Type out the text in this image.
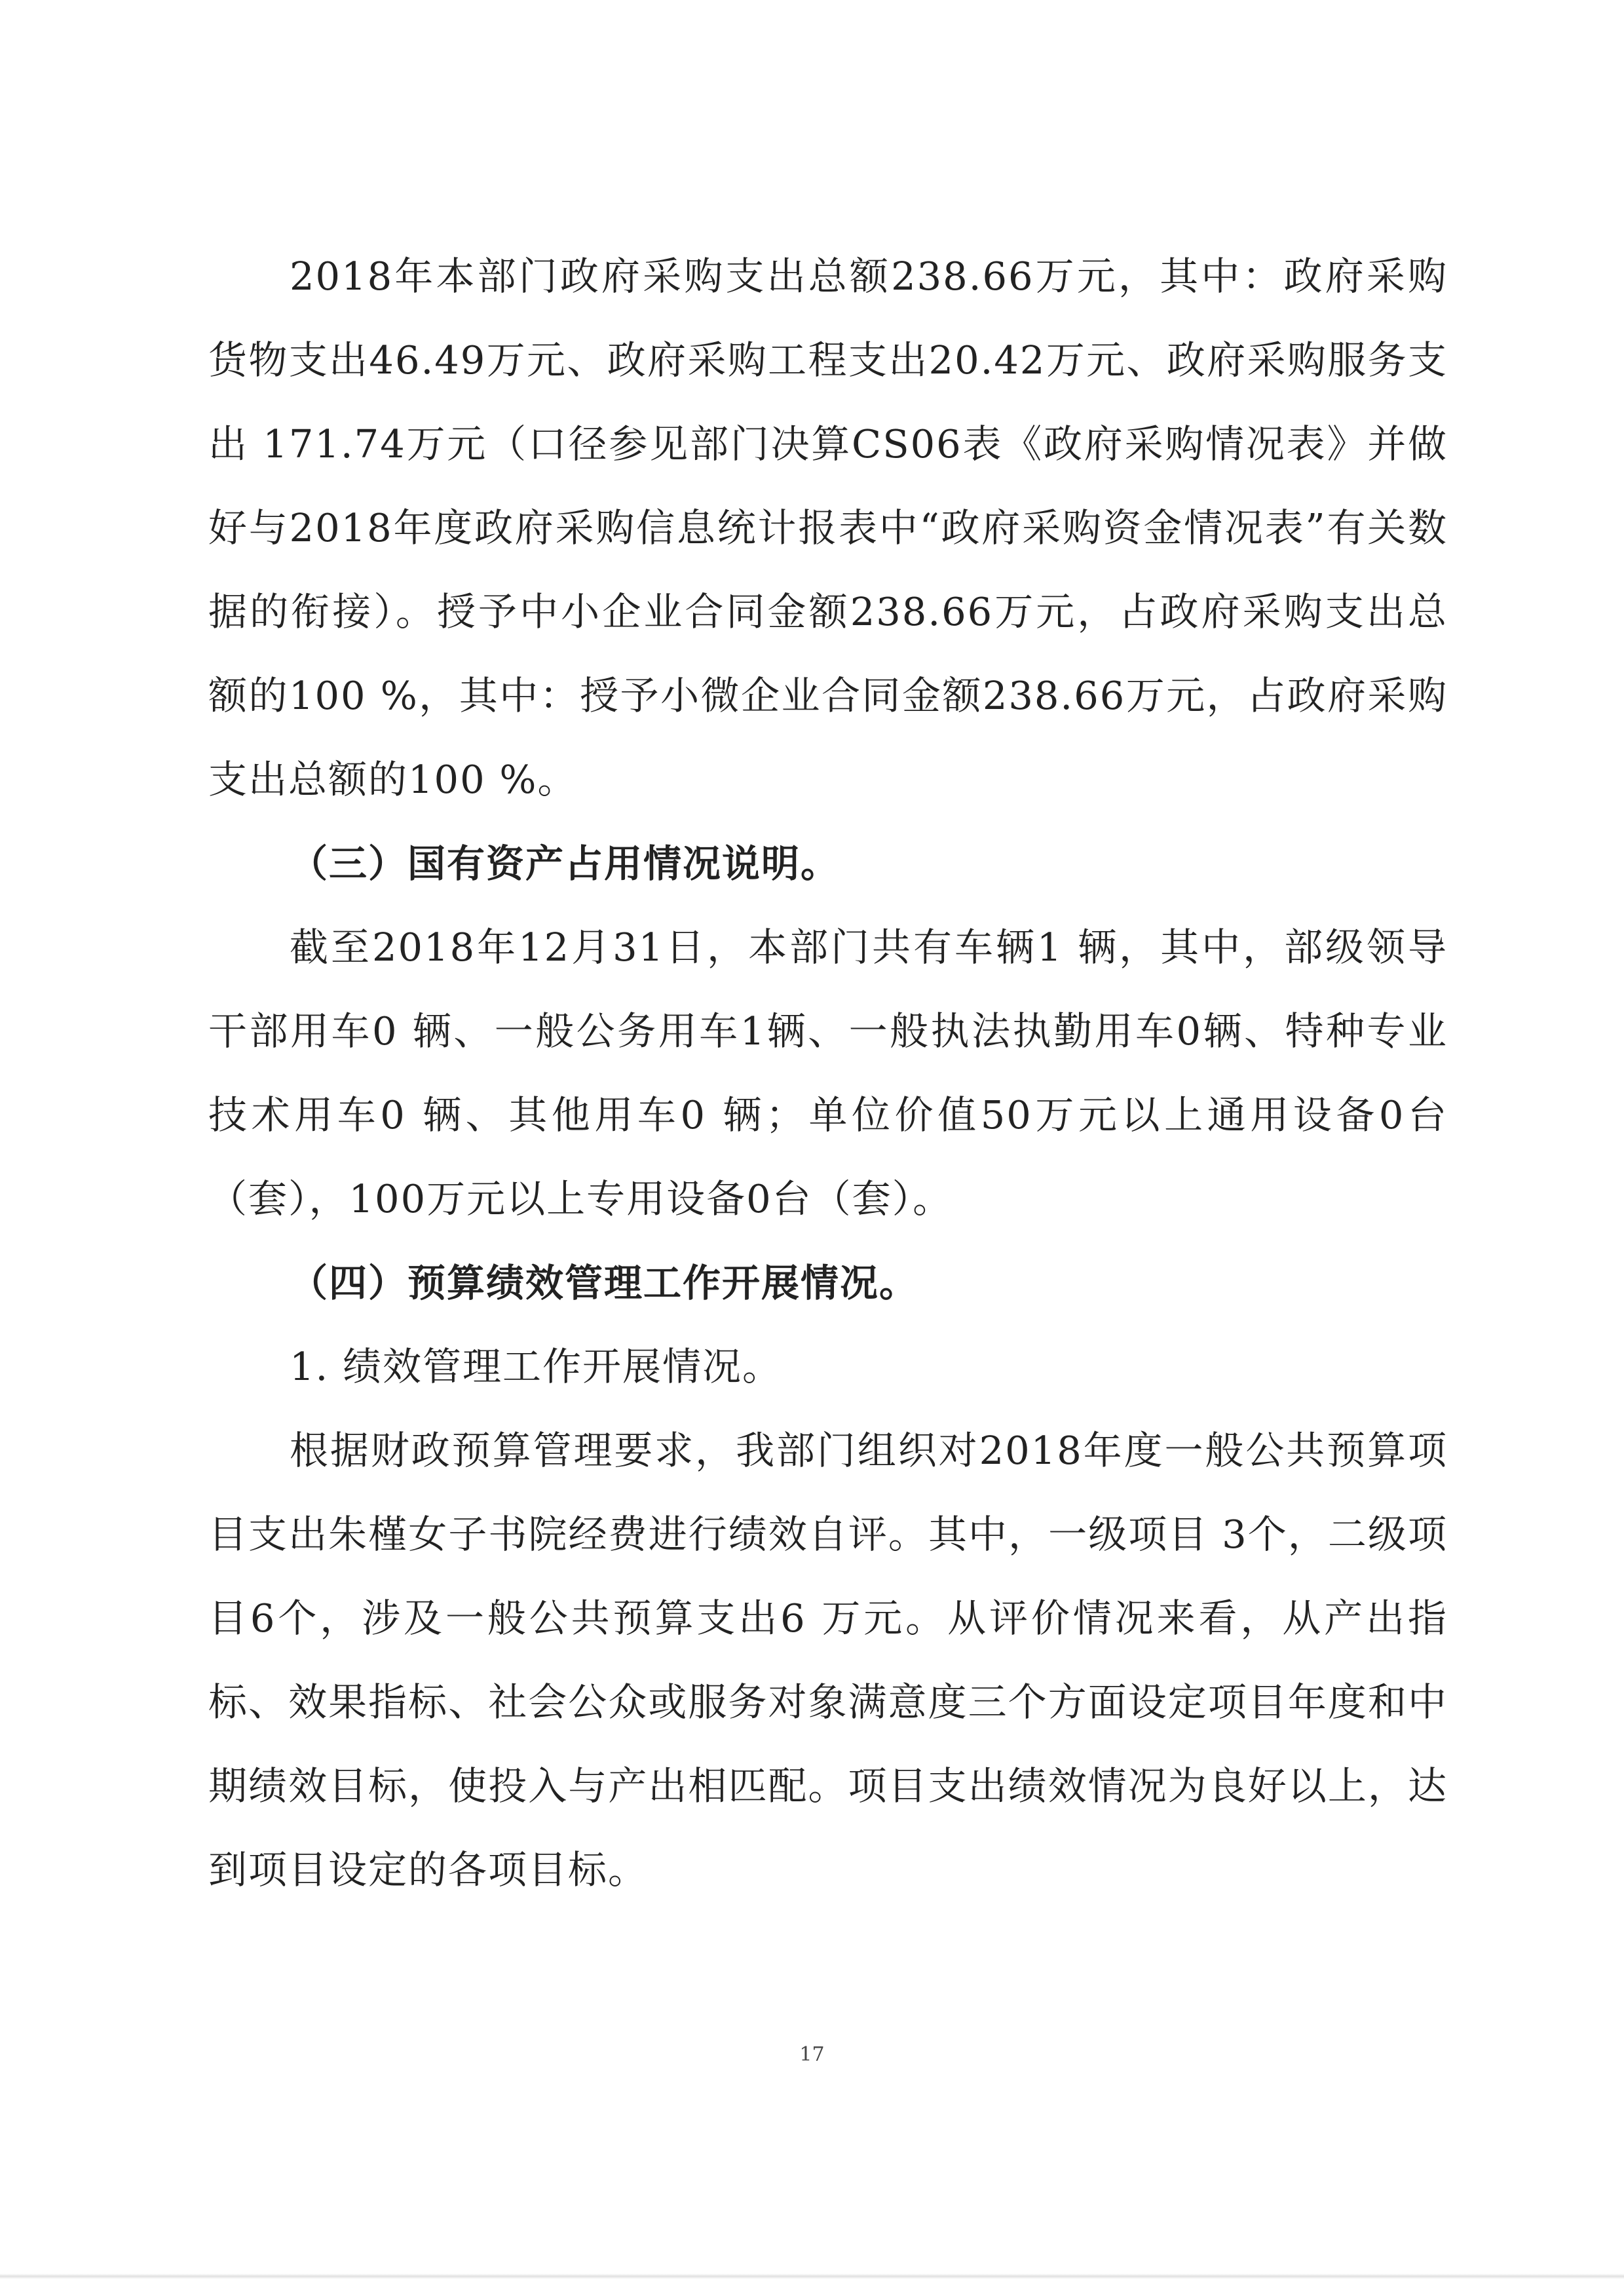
2018年本部门政府采购支出总额238.66万元，其中：政府采购货物支出46.49万元、政府采购工程支出20.42万元、政府采购服务支出 171.74万元（口径参见部门决算CS06表《政府采购情况表》并做好与2018年度政府采购信息统计报表中“政府采购资金情况表”有关数据的衔接）。授予中小企业合同金额238.66万元，占政府采购支出总额的100 %，其中：授予小微企业合同金额238.66万元，占政府采购支出总额的100 %。

（三）国有资产占用情况说明。

截至2018年12月31日，本部门共有车辆1 辆，其中，部级领导干部用车0 辆、一般公务用车1辆、一般执法执勤用车0辆、特种专业技术用车0 辆、其他用车0 辆；单位价值50万元以上通用设备0台（套），100万元以上专用设备0台（套）。

（四）预算绩效管理工作开展情况。

1. 绩效管理工作开展情况。

根据财政预算管理要求，我部门组织对2018年度一般公共预算项目支出朱槿女子书院经费进行绩效自评。其中，一级项目 3个，二级项目6个，涉及一般公共预算支出6 万元。从评价情况来看，从产出指标、效果指标、社会公众或服务对象满意度三个方面设定项目年度和中期绩效目标，使投入与产出相匹配。项目支出绩效情况为良好以上，达到项目设定的各项目标。

17
